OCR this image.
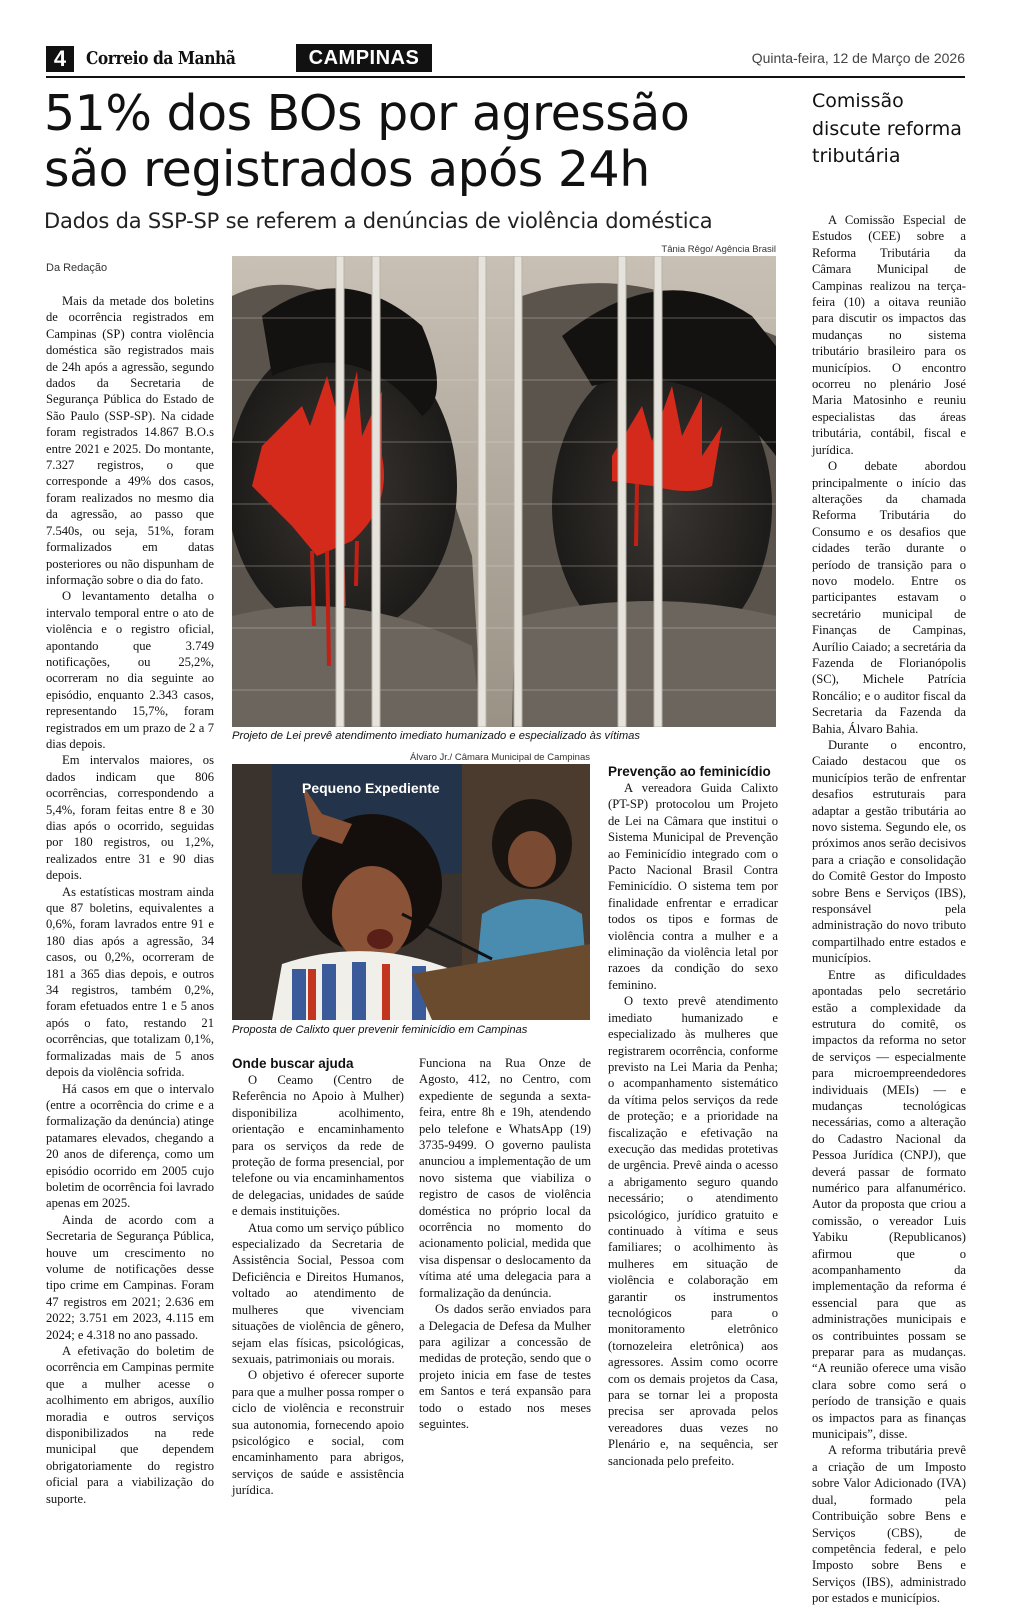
4	Correio da Manhã	CAMPINAS	Quinta-feira, 12 de Março de 2026
51% dos BOs por agressão são registrados após 24h
Dados da SSP-SP se referem a denúncias de violência doméstica
Da Redação
Tânia Rêgo/ Agência Brasil
Projeto de Lei prevê atendimento imediato humanizado e especializado às vítimas
Álvaro Jr./ Câmara Municipal de Campinas
Pequeno Expediente
Proposta de Calixto quer prevenir feminicídio em Campinas

Mais da metade dos boletins de ocorrência registrados em Campinas (SP) contra violência doméstica são registrados mais de 24h após a agressão, segundo dados da Secretaria de Segurança Pública do Estado de São Paulo (SSP-SP). Na cidade foram registrados 14.867 B.O.s entre 2021 e 2025. Do montante, 7.327 registros, o que corresponde a 49% dos casos, foram realizados no mesmo dia da agressão, ao passo que 7.540s, ou seja, 51%, foram formalizados em datas posteriores ou não dispunham de informação sobre o dia do fato.

O levantamento detalha o intervalo temporal entre o ato de violência e o registro oficial, apontando que 3.749 notificações, ou 25,2%, ocorreram no dia seguinte ao episódio, enquanto 2.343 casos, representando 15,7%, foram registrados em um prazo de 2 a 7 dias depois.

Em intervalos maiores, os dados indicam que 806 ocorrências, correspondendo a 5,4%, foram feitas entre 8 e 30 dias após o ocorrido, seguidas por 180 registros, ou 1,2%, realizados entre 31 e 90 dias depois.

As estatísticas mostram ainda que 87 boletins, equivalentes a 0,6%, foram lavrados entre 91 e 180 dias após a agressão, 34 casos, ou 0,2%, ocorreram de 181 a 365 dias depois, e outros 34 registros, também 0,2%, foram efetuados entre 1 e 5 anos após o fato, restando 21 ocorrências, que totalizam 0,1%, formalizadas mais de 5 anos depois da violência sofrida.

Há casos em que o intervalo (entre a ocorrência do crime e a formalização da denúncia) atinge patamares elevados, chegando a 20 anos de diferença, como um episódio ocorrido em 2005 cujo boletim de ocorrência foi lavrado apenas em 2025.

Ainda de acordo com a Secretaria de Segurança Pública, houve um crescimento no volume de notificações desse tipo crime em Campinas. Foram 47 registros em 2021; 2.636 em 2022; 3.751 em 2023, 4.115 em 2024; e 4.318 no ano passado.

A efetivação do boletim de ocorrência em Campinas permite que a mulher acesse o acolhimento em abrigos, auxílio moradia e outros serviços disponibilizados na rede municipal que dependem obrigatoriamente do registro oficial para a viabilização do suporte.

Onde buscar ajuda

O Ceamo (Centro de Referência no Apoio à Mulher) disponibiliza acolhimento, orientação e encaminhamento para os serviços da rede de proteção de forma presencial, por telefone ou via encaminhamentos de delegacias, unidades de saúde e demais instituições.

Atua como um serviço público especializado da Secretaria de Assistência Social, Pessoa com Deficiência e Direitos Humanos, voltado ao atendimento de mulheres que vivenciam situações de violência de gênero, sejam elas físicas, psicológicas, sexuais, patrimoniais ou morais.

O objetivo é oferecer suporte para que a mulher possa romper o ciclo de violência e reconstruir sua autonomia, fornecendo apoio psicológico e social, com encaminhamento para abrigos, serviços de saúde e assistência jurídica.

Funciona na Rua Onze de Agosto, 412, no Centro, com expediente de segunda a sexta-feira, entre 8h e 19h, atendendo pelo telefone e WhatsApp (19) 3735-9499. O governo paulista anunciou a implementação de um novo sistema que viabiliza o registro de casos de violência doméstica no próprio local da ocorrência no momento do acionamento policial, medida que visa dispensar o deslocamento da vítima até uma delegacia para a formalização da denúncia.

Os dados serão enviados para a Delegacia de Defesa da Mulher para agilizar a concessão de medidas de proteção, sendo que o projeto inicia em fase de testes em Santos e terá expansão para todo o estado nos meses seguintes.

Prevenção ao feminicídio

A vereadora Guida Calixto (PT-SP) protocolou um Projeto de Lei na Câmara que institui o Sistema Municipal de Prevenção ao Feminicídio integrado com o Pacto Nacional Brasil Contra Feminicídio. O sistema tem por finalidade enfrentar e erradicar todos os tipos e formas de violência contra a mulher e a eliminação da violência letal por razoes da condição do sexo feminino.

O texto prevê atendimento imediato humanizado e especializado às mulheres que registrarem ocorrência, conforme previsto na Lei Maria da Penha; o acompanhamento sistemático da vítima pelos serviços da rede de proteção; e a prioridade na fiscalização e efetivação na execução das medidas protetivas de urgência. Prevê ainda o acesso a abrigamento seguro quando necessário; o atendimento psicológico, jurídico gratuito e continuado à vítima e seus familiares; o acolhimento às mulheres em situação de violência e colaboração em garantir os instrumentos tecnológicos para o monitoramento eletrônico (tornozeleira eletrônica) aos agressores. Assim como ocorre com os demais projetos da Casa, para se tornar lei a proposta precisa ser aprovada pelos vereadores duas vezes no Plenário e, na sequência, ser sancionada pelo prefeito.

Comissão discute reforma tributária

A Comissão Especial de Estudos (CEE) sobre a Reforma Tributária da Câmara Municipal de Campinas realizou na terça-feira (10) a oitava reunião para discutir os impactos das mudanças no sistema tributário brasileiro para os municípios. O encontro ocorreu no plenário José Maria Matosinho e reuniu especialistas das áreas tributária, contábil, fiscal e jurídica.

O debate abordou principalmente o início das alterações da chamada Reforma Tributária do Consumo e os desafios que cidades terão durante o período de transição para o novo modelo. Entre os participantes estavam o secretário municipal de Finanças de Campinas, Aurílio Caiado; a secretária da Fazenda de Florianópolis (SC), Michele Patrícia Roncálio; e o auditor fiscal da Secretaria da Fazenda da Bahia, Álvaro Bahia.

Durante o encontro, Caiado destacou que os municípios terão de enfrentar desafios estruturais para adaptar a gestão tributária ao novo sistema. Segundo ele, os próximos anos serão decisivos para a criação e consolidação do Comitê Gestor do Imposto sobre Bens e Serviços (IBS), responsável pela administração do novo tributo compartilhado entre estados e municípios.

Entre as dificuldades apontadas pelo secretário estão a complexidade da estrutura do comitê, os impactos da reforma no setor de serviços — especialmente para microempreendedores individuais (MEIs) — e mudanças tecnológicas necessárias, como a alteração do Cadastro Nacional da Pessoa Jurídica (CNPJ), que deverá passar de formato numérico para alfanumérico. Autor da proposta que criou a comissão, o vereador Luis Yabiku (Republicanos) afirmou que o acompanhamento da implementação da reforma é essencial para que as administrações municipais e os contribuintes possam se preparar para as mudanças. “A reunião oferece uma visão clara sobre como será o período de transição e quais os impactos para as finanças municipais”, disse.

A reforma tributária prevê a criação de um Imposto sobre Valor Adicionado (IVA) dual, formado pela Contribuição sobre Bens e Serviços (CBS), de competência federal, e pelo Imposto sobre Bens e Serviços (IBS), administrado por estados e municípios.
